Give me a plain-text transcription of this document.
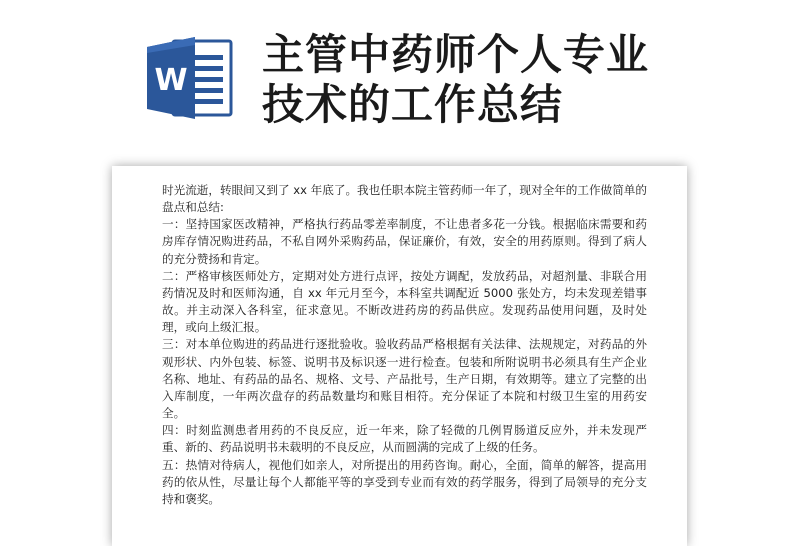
W
主管中药师个人专业
技术的工作总结

时光流逝，转眼间又到了 xx 年底了。我也任职本院主管药师一年了，现对全年的工作做简单的盘点和总结:

一：坚持国家医改精神，严格执行药品零差率制度，不让患者多花一分钱。根据临床需要和药房库存情况购进药品，不私自网外采购药品，保证廉价，有效，安全的用药原则。得到了病人的充分赞扬和肯定。

二：严格审核医师处方，定期对处方进行点评，按处方调配，发放药品，对超剂量、非联合用药情况及时和医师沟通，自 xx 年元月至今，本科室共调配近 5000 张处方，均未发现差错事故。并主动深入各科室，征求意见。不断改进药房的药品供应。发现药品使用问题，及时处理，或向上级汇报。

三：对本单位购进的药品进行逐批验收。验收药品严格根据有关法律、法规规定，对药品的外观形状、内外包装、标签、说明书及标识逐一进行检查。包装和所附说明书必须具有生产企业名称、地址、有药品的品名、规格、文号、产品批号，生产日期，有效期等。建立了完整的出入库制度，一年两次盘存的药品数量均和账目相符。充分保证了本院和村级卫生室的用药安全。

四：时刻监测患者用药的不良反应，近一年来，除了轻微的几例胃肠道反应外，并未发现严重、新的、药品说明书未载明的不良反应，从而圆满的完成了上级的任务。

五：热情对待病人，视他们如亲人，对所提出的用药咨询。耐心，全面，简单的解答，提高用药的依从性，尽量让每个人都能平等的享受到专业而有效的药学服务，得到了局领导的充分支持和褒奖。
